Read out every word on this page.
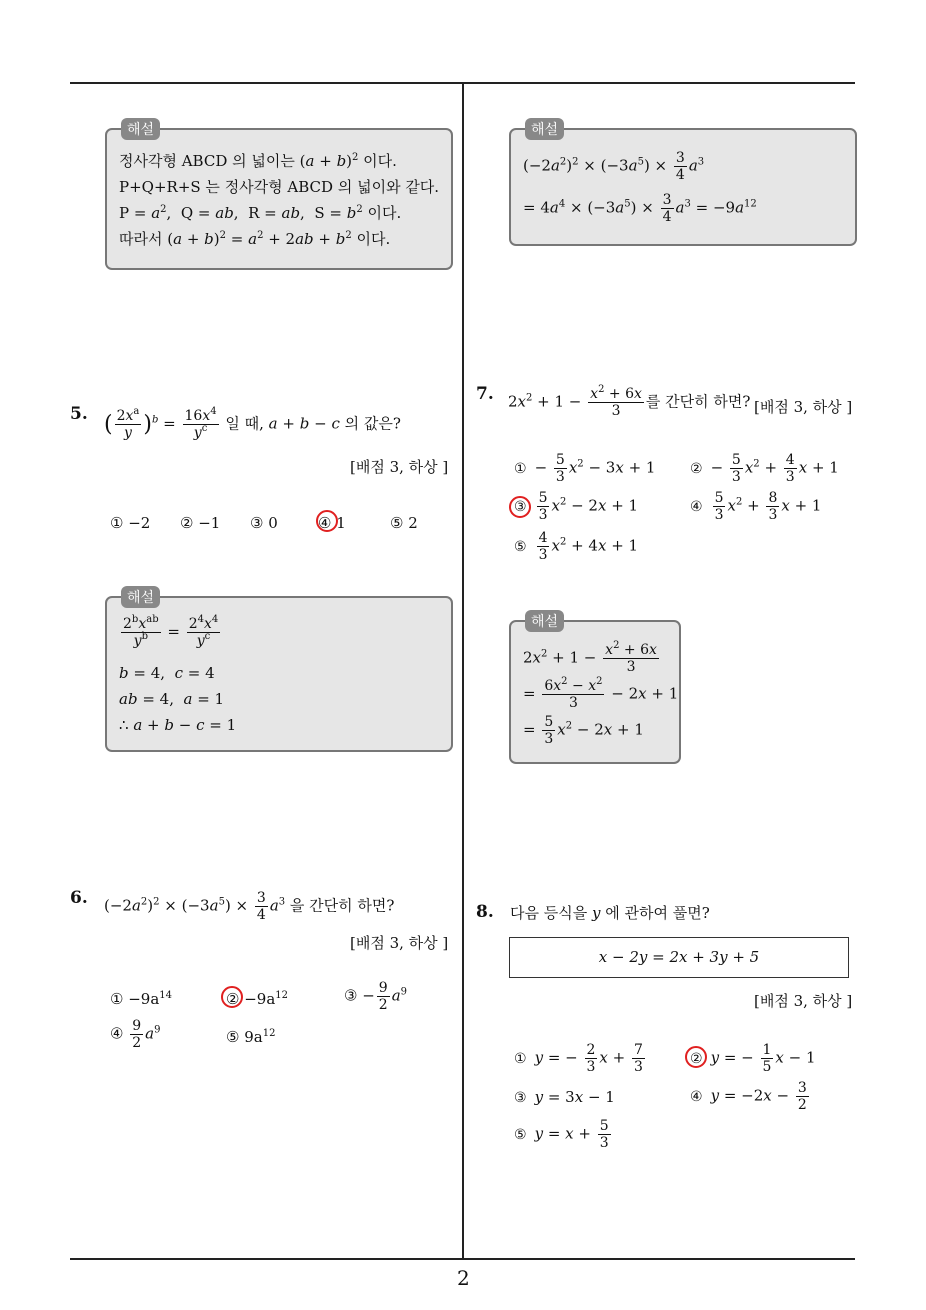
2
해설
정사각형 ABCD 의 넓이는 $(a + b)^2$ 이다.
P+Q+R+S 는 정사각형 ABCD 의 넓이와 같다.
$P = a^2$,  Q = ab,  R = ab,  $S = b^2$ 이다.
따라서 $(a + b)^2 = a^2 + 2ab + b^2$ 이다.
해설
$(-2a^2)^2 \times (-3a^5) \times \frac{3}{4} a^3$
= $4a^4 \times (-3a^5) \times \frac{3}{4} a^3 = -9a^{12}$
5. ( $\frac{2x^a}{y} )^b = \frac{16x^4}{y^c}$ 일 때, a + b − c 의 값은?
[배점 3, 하상 ]
① −2 ② −1 ③ 0	④ 1	⑤ 2
해설
$\frac{2^bx^{ab}}{y^b} = \frac{2^4x^4}{y^c}$
b = 4,  c = 4
ab = 4,  a = 1
∴ a + b − c = 1
6. $(-2a^2)^2 \times (-3a^5) \times \frac{3}{4} a^3$ 을 간단히 하면?
[배점 3, 하상 ]
① $-9a^{14}$	② $-9a^{12}$	③ − $\frac{9}{2} a^9$
④ $\frac{9}{2} a^9$	⑤ $9a^{12}$
7. $2x^2 + 1 - \frac{x^2 + 6x}{3}$ 를 간단히 하면? [배점 3, 하상 ]
① − $\frac{5}{3} x^2 - 3x + 1$ ② − $\frac{5}{3} x^2 + \frac{4}{3}$ x + 1
③ $\frac{5}{3} x^2 - 2x + 1$	④ $\frac{5}{3} x^2 + \frac{8}{3}$ x + 1
⑤ $\frac{4}{3} x^2 + 4x + 1$
해설
$2x^2 + 1 - \frac{x^2 + 6x}{3}$
= $\frac{6x^2 - x^2}{3} - 2x + 1$
= $\frac{5}{3} x^2 - 2x + 1$
8. 다음 등식을 y 에 관하여 풀면?
x − 2y = 2x + 3y + 5
[배점 3, 하상 ]
① y = − $\frac{2}{3}$ $x + \frac{7}{3}$	② y = − $\frac{1}{5}$ x − 1
③ y = 3x − 1	④ $y = -2x - \frac{3}{2}$
⑤ $y = x + \frac{5}{3}$
